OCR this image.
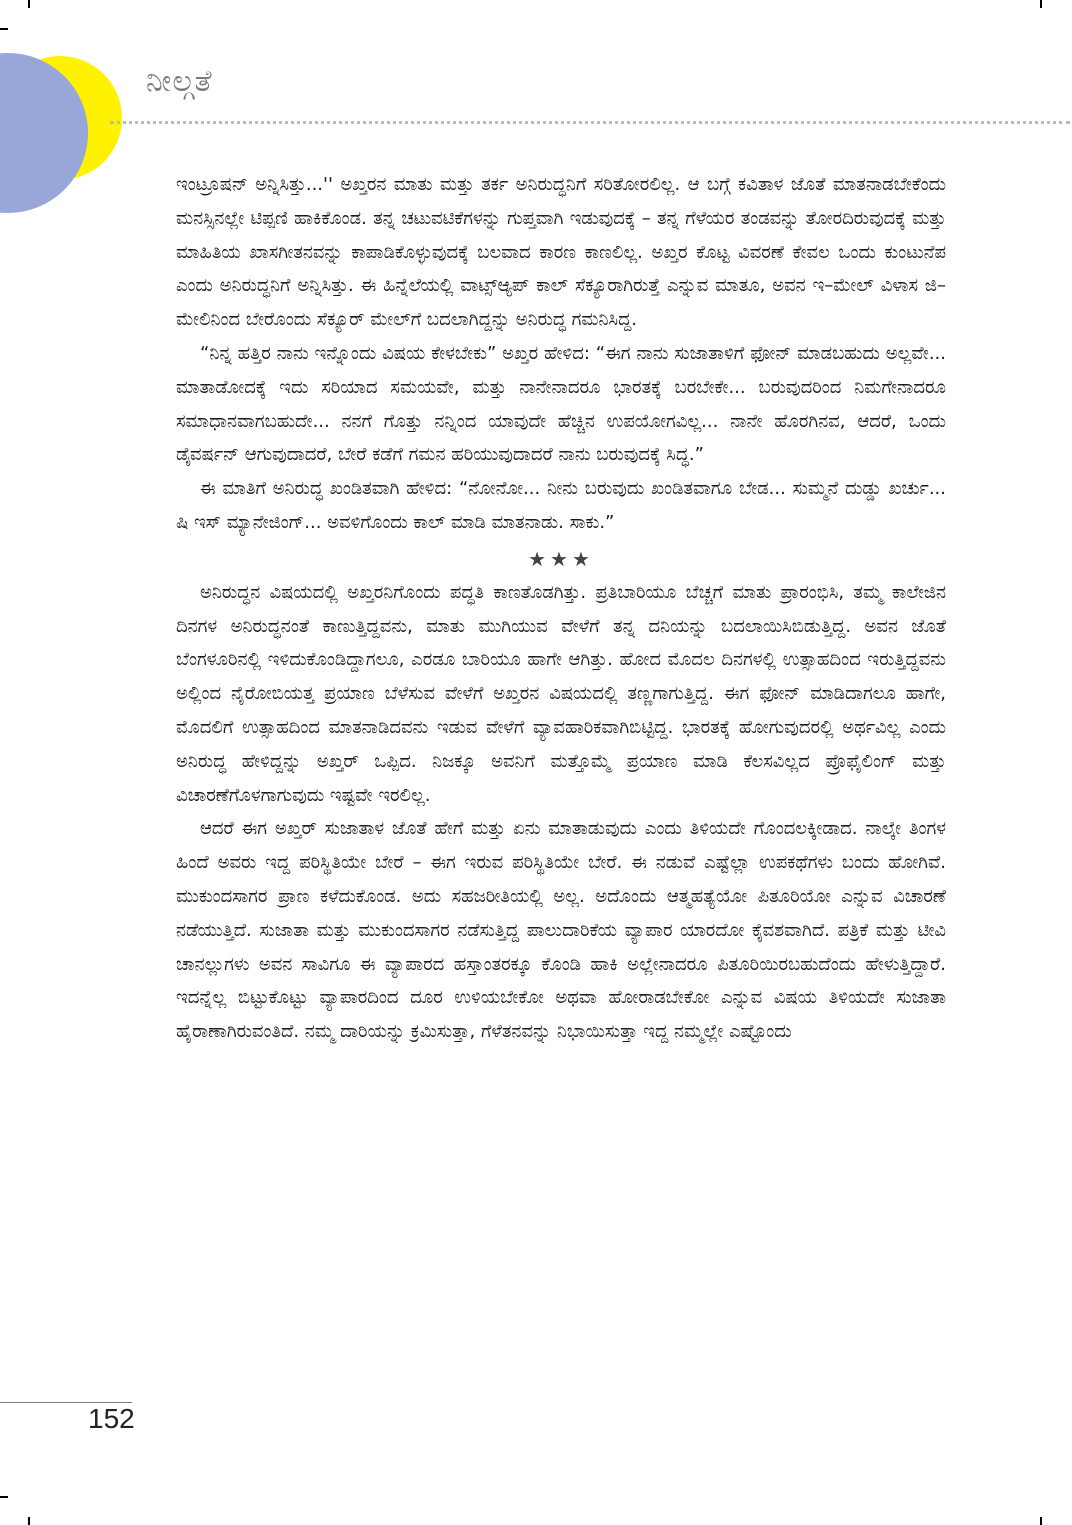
ನೀಲ್ಗತೆ

ಇಂಟ್ರೂಷನ್ ಅನ್ನಿಸಿತ್ತು...'' ಅಖ್ತರನ ಮಾತು ಮತ್ತು ತರ್ಕ ಅನಿರುದ್ಧನಿಗೆ ಸರಿತೋರಲಿಲ್ಲ. ಆ ಬಗ್ಗೆ ಕವಿತಾಳ ಜೊತೆ ಮಾತನಾಡಬೇಕೆಂದು ಮನಸ್ಸಿನಲ್ಲೇ ಟಿಪ್ಪಣಿ ಹಾಕಿಕೊಂಡ. ತನ್ನ ಚಟುವಟಿಕೆಗಳನ್ನು ಗುಪ್ತವಾಗಿ ಇಡುವುದಕ್ಕೆ – ತನ್ನ ಗೆಳೆಯರ ತಂಡವನ್ನು ತೋರದಿರುವುದಕ್ಕೆ ಮತ್ತು ಮಾಹಿತಿಯ ಖಾಸಗೀತನವನ್ನು ಕಾಪಾಡಿಕೊಳ್ಳುವುದಕ್ಕೆ ಬಲವಾದ ಕಾರಣ ಕಾಣಲಿಲ್ಲ. ಅಖ್ತರ ಕೊಟ್ಟ ವಿವರಣೆ ಕೇವಲ ಒಂದು ಕುಂಟುನೆಪ ಎಂದು ಅನಿರುದ್ಧನಿಗೆ ಅನ್ನಿಸಿತ್ತು. ಈ ಹಿನ್ನೆಲೆಯಲ್ಲಿ ವಾಟ್ಸ್ಆ್ಯಪ್ ಕಾಲ್ ಸೆಕ್ಯೂರಾಗಿರುತ್ತೆ ಎನ್ನುವ ಮಾತೂ, ಅವನ ಇ–ಮೇಲ್ ವಿಳಾಸ ಜಿ–ಮೇಲಿನಿಂದ ಬೇರೊಂದು ಸೆಕ್ಯೂರ್ ಮೇಲ್‌ಗೆ ಬದಲಾಗಿದ್ದನ್ನು ಅನಿರುದ್ಧ ಗಮನಿಸಿದ್ದ.

“ನಿನ್ನ ಹತ್ತಿರ ನಾನು ಇನ್ನೊಂದು ವಿಷಯ ಕೇಳಬೇಕು” ಅಖ್ತರ ಹೇಳಿದ: “ಈಗ ನಾನು ಸುಜಾತಾಳಿಗೆ ಫೋನ್ ಮಾಡಬಹುದು ಅಲ್ಲವೇ... ಮಾತಾಡೋದಕ್ಕೆ ಇದು ಸರಿಯಾದ ಸಮಯವೇ, ಮತ್ತು ನಾನೇನಾದರೂ ಭಾರತಕ್ಕೆ ಬರಬೇಕೇ... ಬರುವುದರಿಂದ ನಿಮಗೇನಾದರೂ ಸಮಾಧಾನವಾಗಬಹುದೇ... ನನಗೆ ಗೊತ್ತು ನನ್ನಿಂದ ಯಾವುದೇ ಹೆಚ್ಚಿನ ಉಪಯೋಗವಿಲ್ಲ... ನಾನೇ ಹೊರಗಿನವ, ಆದರೆ, ಒಂದು ಡೈವರ್ಷನ್ ಆಗುವುದಾದರೆ, ಬೇರೆ ಕಡೆಗೆ ಗಮನ ಹರಿಯುವುದಾದರೆ ನಾನು ಬರುವುದಕ್ಕೆ ಸಿದ್ಧ.”

ಈ ಮಾತಿಗೆ ಅನಿರುದ್ಧ ಖಂಡಿತವಾಗಿ ಹೇಳಿದ: “ನೋನೋ... ನೀನು ಬರುವುದು ಖಂಡಿತವಾಗೂ ಬೇಡ... ಸುಮ್ಮನೆ ದುಡ್ಡು ಖರ್ಚು... ಷಿ ಇಸ್ ಮ್ಯಾನೇಜಿಂಗ್... ಅವಳಿಗೊಂದು ಕಾಲ್ ಮಾಡಿ ಮಾತನಾಡು. ಸಾಕು.”

★★★

ಅನಿರುದ್ಧನ ವಿಷಯದಲ್ಲಿ ಅಖ್ತರನಿಗೊಂದು ಪದ್ಧತಿ ಕಾಣತೊಡಗಿತ್ತು. ಪ್ರತಿಬಾರಿಯೂ ಬೆಚ್ಚಗೆ ಮಾತು ಪ್ರಾರಂಭಿಸಿ, ತಮ್ಮ ಕಾಲೇಜಿನ ದಿನಗಳ ಅನಿರುದ್ಧನಂತೆ ಕಾಣುತ್ತಿದ್ದವನು, ಮಾತು ಮುಗಿಯುವ ವೇಳೆಗೆ ತನ್ನ ದನಿಯನ್ನು ಬದಲಾಯಿಸಿಬಿಡುತ್ತಿದ್ದ. ಅವನ ಜೊತೆ ಬೆಂಗಳೂರಿನಲ್ಲಿ ಇಳಿದುಕೊಂಡಿದ್ದಾಗಲೂ, ಎರಡೂ ಬಾರಿಯೂ ಹಾಗೇ ಆಗಿತ್ತು. ಹೋದ ಮೊದಲ ದಿನಗಳಲ್ಲಿ ಉತ್ಸಾಹದಿಂದ ಇರುತ್ತಿದ್ದವನು ಅಲ್ಲಿಂದ ನೈರೋಬಿಯತ್ತ ಪ್ರಯಾಣ ಬೆಳೆಸುವ ವೇಳೆಗೆ ಅಖ್ತರನ ವಿಷಯದಲ್ಲಿ ತಣ್ಣಗಾಗುತ್ತಿದ್ದ. ಈಗ ಫೋನ್ ಮಾಡಿದಾಗಲೂ ಹಾಗೇ, ಮೊದಲಿಗೆ ಉತ್ಸಾಹದಿಂದ ಮಾತನಾಡಿದವನು ಇಡುವ ವೇಳೆಗೆ ವ್ಯಾವಹಾರಿಕವಾಗಿಬಿಟ್ಟಿದ್ದ. ಭಾರತಕ್ಕೆ ಹೋಗುವುದರಲ್ಲಿ ಅರ್ಥವಿಲ್ಲ ಎಂದು ಅನಿರುದ್ಧ ಹೇಳಿದ್ದನ್ನು ಅಖ್ತರ್ ಒಪ್ಪಿದ. ನಿಜಕ್ಕೂ ಅವನಿಗೆ ಮತ್ತೊಮ್ಮೆ ಪ್ರಯಾಣ ಮಾಡಿ ಕೆಲಸವಿಲ್ಲದ ಪ್ರೊಫೈಲಿಂಗ್ ಮತ್ತು ವಿಚಾರಣೆಗೊಳಗಾಗುವುದು ಇಷ್ಟವೇ ಇರಲಿಲ್ಲ.

ಆದರೆ ಈಗ ಅಖ್ತರ್ ಸುಜಾತಾಳ ಜೊತೆ ಹೇಗೆ ಮತ್ತು ಏನು ಮಾತಾಡುವುದು ಎಂದು ತಿಳಿಯದೇ ಗೊಂದಲಕ್ಕೀಡಾದ. ನಾಲ್ಕೇ ತಿಂಗಳ ಹಿಂದೆ ಅವರು ಇದ್ದ ಪರಿಸ್ಥಿತಿಯೇ ಬೇರೆ – ಈಗ ಇರುವ ಪರಿಸ್ಥಿತಿಯೇ ಬೇರೆ. ಈ ನಡುವೆ ಎಷ್ಟೆಲ್ಲಾ ಉಪಕಥೆಗಳು ಬಂದು ಹೋಗಿವೆ. ಮುಕುಂದಸಾಗರ ಪ್ರಾಣ ಕಳೆದುಕೊಂಡ. ಅದು ಸಹಜರೀತಿಯಲ್ಲಿ ಅಲ್ಲ. ಅದೊಂದು ಆತ್ಮಹತ್ಯೆಯೋ ಪಿತೂರಿಯೋ ಎನ್ನುವ ವಿಚಾರಣೆ ನಡೆಯುತ್ತಿದೆ. ಸುಜಾತಾ ಮತ್ತು ಮುಕುಂದಸಾಗರ ನಡೆಸುತ್ತಿದ್ದ ಪಾಲುದಾರಿಕೆಯ ವ್ಯಾಪಾರ ಯಾರದೋ ಕೈವಶವಾಗಿದೆ. ಪತ್ರಿಕೆ ಮತ್ತು ಟೀವಿ ಚಾನಲ್ಲುಗಳು ಅವನ ಸಾವಿಗೂ ಈ ವ್ಯಾಪಾರದ ಹಸ್ತಾಂತರಕ್ಕೂ ಕೊಂಡಿ ಹಾಕಿ ಅಲ್ಲೇನಾದರೂ ಪಿತೂರಿಯಿರಬಹುದೆಂದು ಹೇಳುತ್ತಿದ್ದಾರೆ. ಇದನ್ನೆಲ್ಲ ಬಿಟ್ಟುಕೊಟ್ಟು ವ್ಯಾಪಾರದಿಂದ ದೂರ ಉಳಿಯಬೇಕೋ ಅಥವಾ ಹೋರಾಡಬೇಕೋ ಎನ್ನುವ ವಿಷಯ ತಿಳಿಯದೇ ಸುಜಾತಾ ಹೈರಾಣಾಗಿರುವಂತಿದೆ. ನಮ್ಮ ದಾರಿಯನ್ನು ಕ್ರಮಿಸುತ್ತಾ, ಗೆಳೆತನವನ್ನು ನಿಭಾಯಿಸುತ್ತಾ ಇದ್ದ ನಮ್ಮಲ್ಲೇ ಎಷ್ಟೊಂದು

152
